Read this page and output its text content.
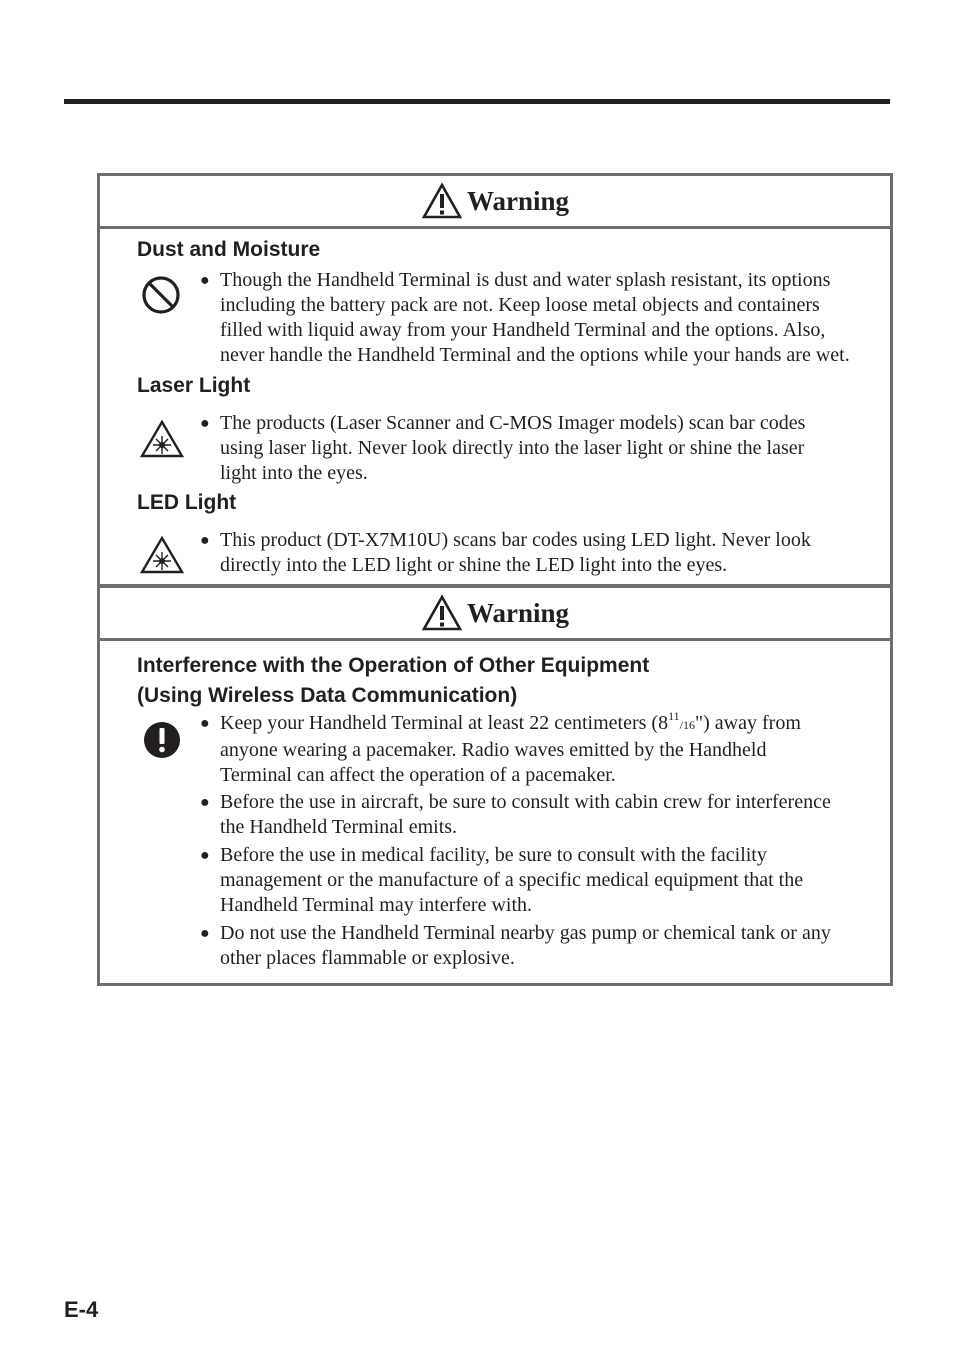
Warning
Dust and Moisture
● Though the Handheld Terminal is dust and water splash resistant, its options
including the battery pack are not. Keep loose metal objects and containers
filled with liquid away from your Handheld Terminal and the options. Also,
never handle the Handheld Terminal and the options while your hands are wet.
Laser Light
● The products (Laser Scanner and C-MOS Imager models) scan bar codes
using laser light. Never look directly into the laser light or shine the laser
light into the eyes.
LED Light
● This product (DT-X7M10U) scans bar codes using LED light. Never look
directly into the LED light or shine the LED light into the eyes.
Warning
Interference with the Operation of Other Equipment
(Using Wireless Data Communication)
● Keep your Handheld Terminal at least 22 centimeters $(8^{11}/16")$ away from
anyone wearing a pacemaker. Radio waves emitted by the Handheld
Terminal can affect the operation of a pacemaker.
● Before the use in aircraft, be sure to consult with cabin crew for interference
the Handheld Terminal emits.
● Before the use in medical facility, be sure to consult with the facility
management or the manufacture of a specific medical equipment that the
Handheld Terminal may interfere with.
● Do not use the Handheld Terminal nearby gas pump or chemical tank or any
other places flammable or explosive.
E-4
